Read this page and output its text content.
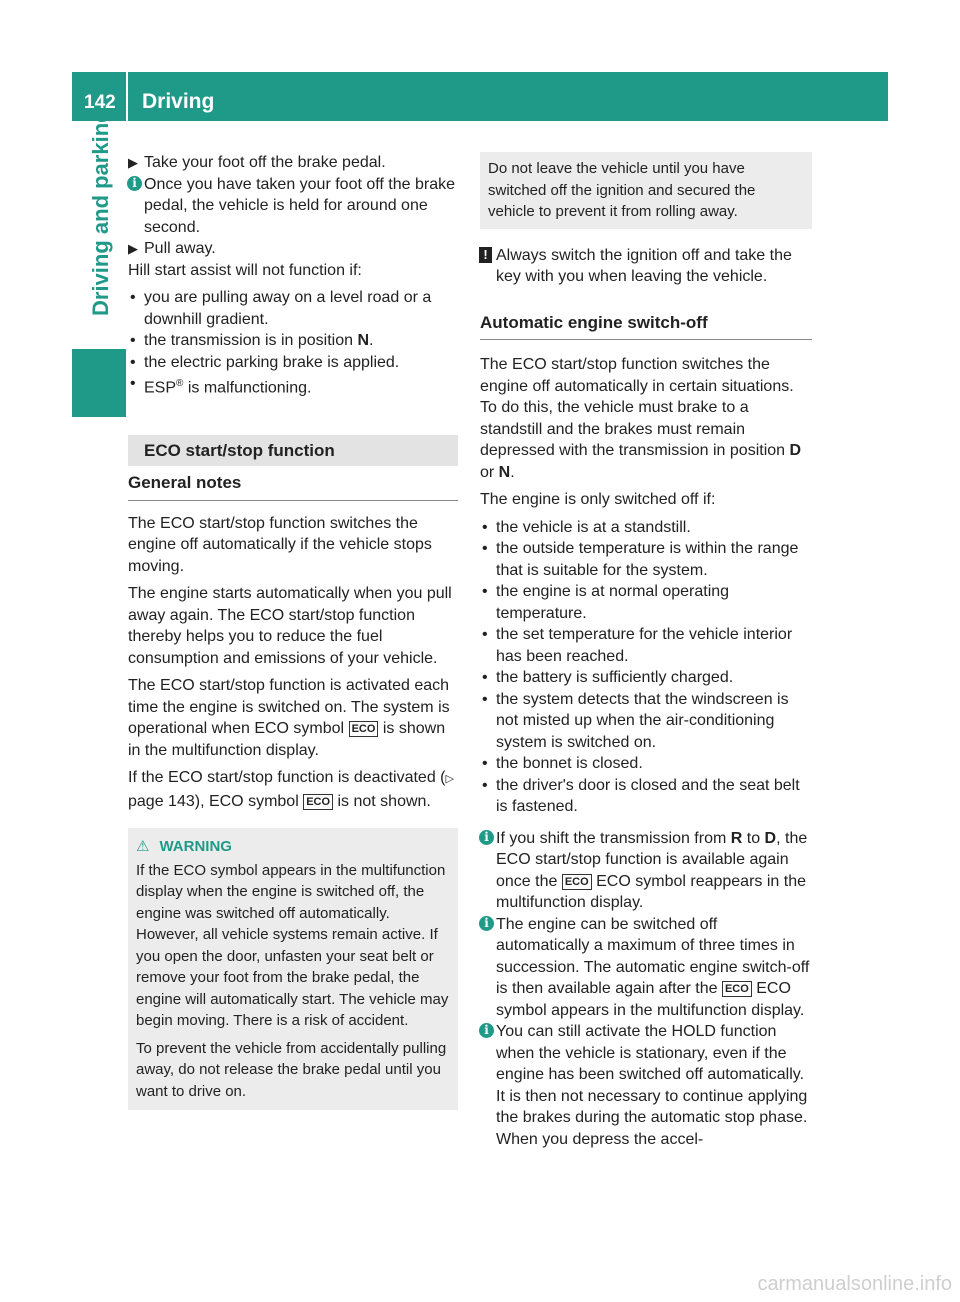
142 Driving
Driving and parking ▶ Take your foot off the brake pedal.

i Once you have taken your foot off the brake pedal, the vehicle is held for around one second.

▶ Pull away.

Hill start assist will not function if:

• you are pulling away on a level road or a downhill gradient.

• the transmission is in position N.

• the electric parking brake is applied.

• ESP® is malfunctioning.

ECO start/stop function
General notes

The ECO start/stop function switches the engine off automatically if the vehicle stops moving.

The engine starts automatically when you pull away again. The ECO start/stop function thereby helps you to reduce the fuel consumption and emissions of your vehicle.

The ECO start/stop function is activated each time the engine is switched on. The system is operational when ECO symbol ECO is shown in the multifunction display.

If the ECO start/stop function is deactivated (▷ page 143), ECO symbol ECO is not shown.

⚠ WARNING

If the ECO symbol appears in the multifunction display when the engine is switched off, the engine was switched off automatically. However, all vehicle systems remain active. If you open the door, unfasten your seat belt or remove your foot from the brake pedal, the engine will automatically start. The vehicle may begin moving. There is a risk of accident.

To prevent the vehicle from accidentally pulling away, do not release the brake pedal until you want to drive on.

Do not leave the vehicle until you have switched off the ignition and secured the vehicle to prevent it from rolling away.

! Always switch the ignition off and take the key with you when leaving the vehicle.

Automatic engine switch-off

The ECO start/stop function switches the engine off automatically in certain situations. To do this, the vehicle must brake to a standstill and the brakes must remain depressed with the transmission in position D or N.

The engine is only switched off if:

• the vehicle is at a standstill.

• the outside temperature is within the range that is suitable for the system.

• the engine is at normal operating temperature.

• the set temperature for the vehicle interior has been reached.

• the battery is sufficiently charged.

• the system detects that the windscreen is not misted up when the air-conditioning system is switched on.

• the bonnet is closed.

• the driver's door is closed and the seat belt is fastened.

i If you shift the transmission from R to D, the ECO start/stop function is available again once the ECO ECO symbol reappears in the multifunction display.

i The engine can be switched off automatically a maximum of three times in succession. The automatic engine switch-off is then available again after the ECO ECO symbol appears in the multifunction display.

i You can still activate the HOLD function when the vehicle is stationary, even if the engine has been switched off automatically. It is then not necessary to continue applying the brakes during the automatic stop phase. When you depress the accel-

carmanualsonline.info
